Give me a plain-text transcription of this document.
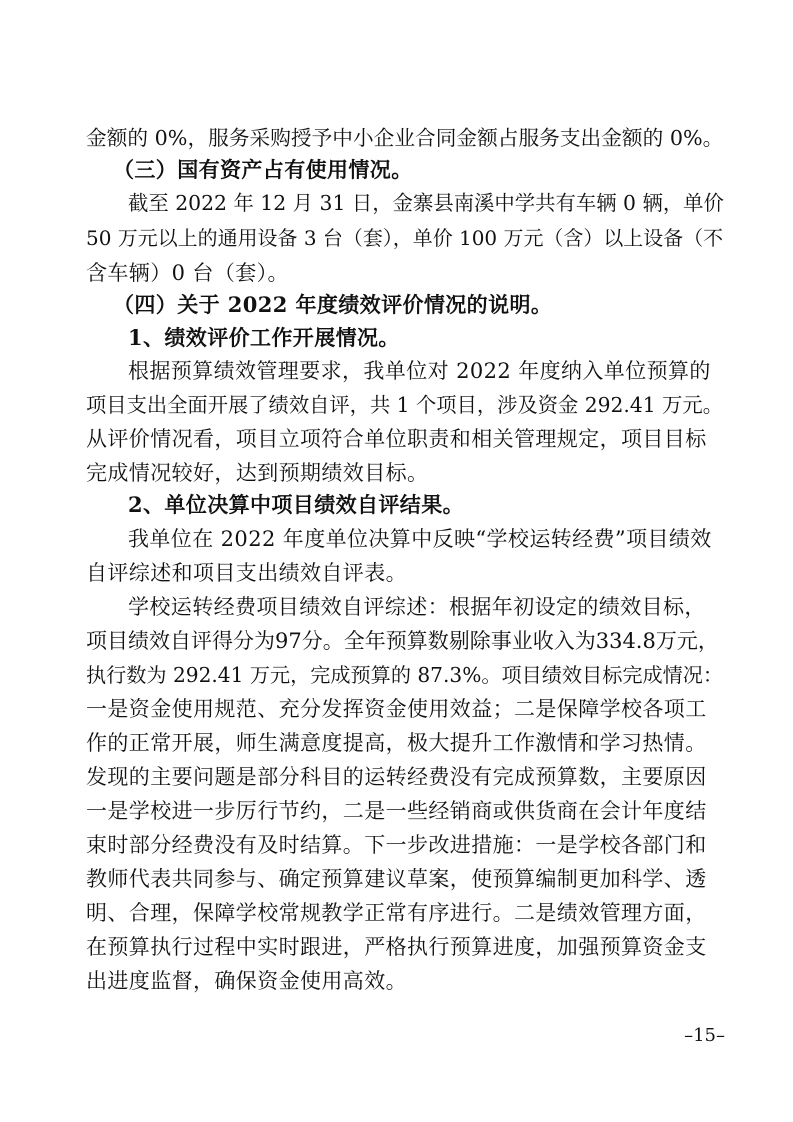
金额的 0%，服务采购授予中小企业合同金额占服务支出金额的 0%。

（三）国有资产占有使用情况。

截至 2022 年 12 月 31 日，金寨县南溪中学共有车辆 0 辆，单价

50 万元以上的通用设备 3 台（套），单价 100 万元（含）以上设备（不

含车辆）0 台（套）。

（四）关于 2022 年度绩效评价情况的说明。

1、绩效评价工作开展情况。

根据预算绩效管理要求，我单位对 2022 年度纳入单位预算的

项目支出全面开展了绩效自评，共 1 个项目，涉及资金 292.41 万元。

从评价情况看，项目立项符合单位职责和相关管理规定，项目目标

完成情况较好，达到预期绩效目标。

2、单位决算中项目绩效自评结果。

我单位在 2022 年度单位决算中反映“学校运转经费”项目绩效

自评综述和项目支出绩效自评表。

学校运转经费项目绩效自评综述：根据年初设定的绩效目标，

项目绩效自评得分为97分。全年预算数剔除事业收入为334.8万元，

执行数为 292.41 万元，完成预算的 87.3%。项目绩效目标完成情况：

一是资金使用规范、充分发挥资金使用效益；二是保障学校各项工

作的正常开展，师生满意度提高，极大提升工作激情和学习热情。

发现的主要问题是部分科目的运转经费没有完成预算数，主要原因

一是学校进一步厉行节约，二是一些经销商或供货商在会计年度结

束时部分经费没有及时结算。下一步改进措施：一是学校各部门和

教师代表共同参与、确定预算建议草案，使预算编制更加科学、透

明、合理，保障学校常规教学正常有序进行。二是绩效管理方面，

在预算执行过程中实时跟进，严格执行预算进度，加强预算资金支

出进度监督，确保资金使用高效。

–15–
